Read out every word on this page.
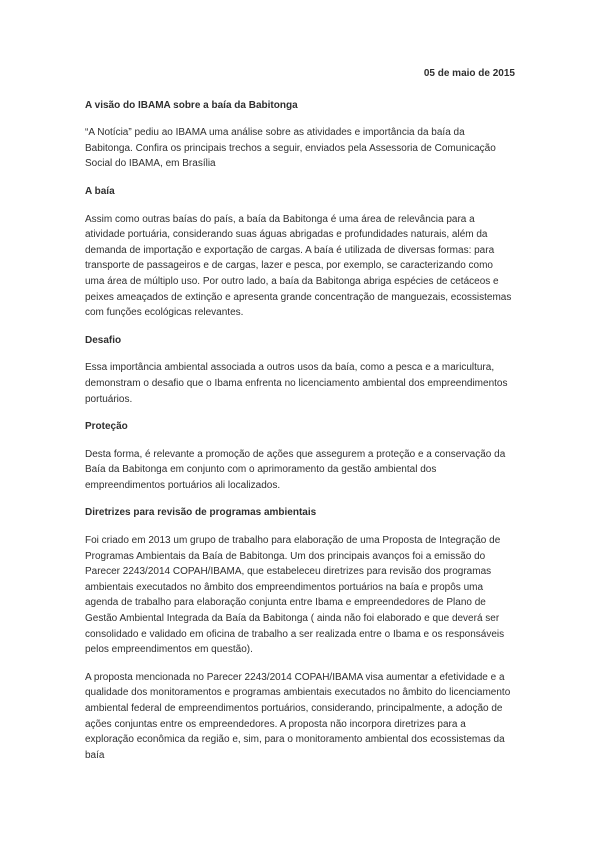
05 de maio de 2015

A visão do IBAMA sobre a baía da Babitonga

“A Notícia” pediu ao IBAMA uma análise sobre as atividades e importância da baía da Babitonga. Confira os principais trechos a seguir, enviados pela Assessoria de Comunicação Social do IBAMA, em Brasília

A baía

Assim como outras baías do país, a baía da Babitonga é uma área de relevância para a atividade portuária, considerando suas águas abrigadas e profundidades naturais, além da demanda de importação e exportação de cargas. A baía é utilizada de diversas formas: para transporte de passageiros e de cargas, lazer e pesca, por exemplo, se caracterizando como uma área de múltiplo uso. Por outro lado, a baía da Babitonga abriga espécies de cetáceos e peixes ameaçados de extinção e apresenta grande concentração de manguezais, ecossistemas com funções ecológicas relevantes.

Desafio

Essa importância ambiental associada a outros usos da baía, como a pesca e a maricultura, demonstram o desafio que o Ibama enfrenta no licenciamento ambiental dos empreendimentos portuários.

Proteção

Desta forma, é relevante a promoção de ações que assegurem a proteção e a conservação da Baía da Babitonga em conjunto com o aprimoramento da gestão ambiental dos empreendimentos portuários ali localizados.

Diretrizes para revisão de programas ambientais

Foi criado em 2013 um grupo de trabalho para elaboração de uma Proposta de Integração de Programas Ambientais da Baía de Babitonga. Um dos principais avanços foi a emissão do Parecer 2243/2014 COPAH/IBAMA, que estabeleceu diretrizes para revisão dos programas ambientais executados no âmbito dos empreendimentos portuários na baía e propôs uma agenda de trabalho para elaboração conjunta entre Ibama e empreendedores de Plano de Gestão Ambiental Integrada da Baía da Babitonga ( ainda não foi elaborado e que deverá ser consolidado e validado em oficina de trabalho a ser realizada entre o Ibama e os responsáveis pelos empreendimentos em questão).

A proposta mencionada no Parecer 2243/2014 COPAH/IBAMA visa aumentar a efetividade e a qualidade dos monitoramentos e programas ambientais executados no âmbito do licenciamento ambiental federal de empreendimentos portuários, considerando, principalmente, a adoção de ações conjuntas entre os empreendedores. A proposta não incorpora diretrizes para a exploração econômica da região e, sim, para o monitoramento ambiental dos ecossistemas da baía
